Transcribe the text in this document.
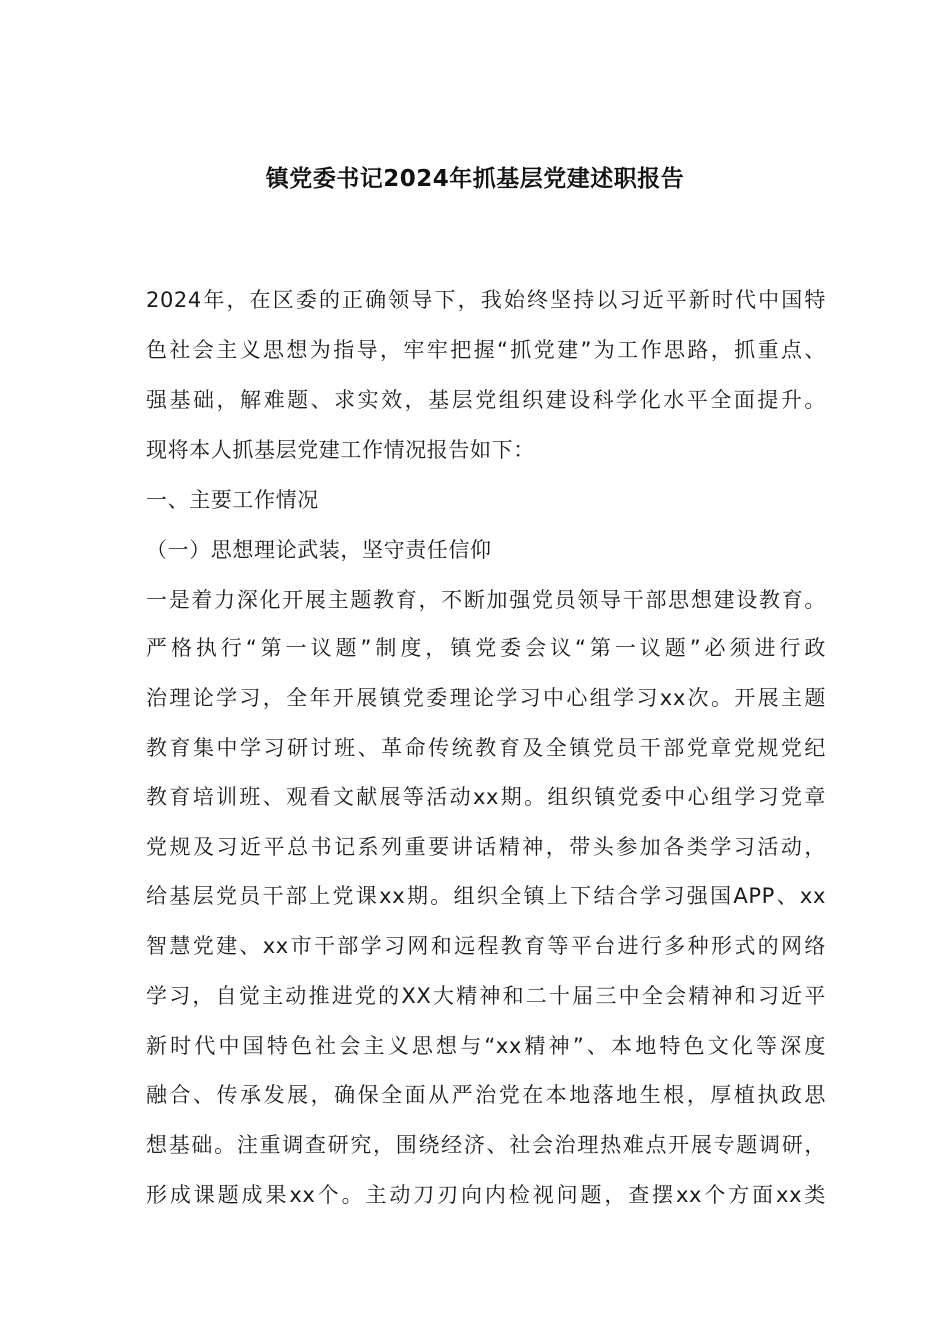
镇党委书记2024年抓基层党建述职报告
2024年，在区委的正确领导下，我始终坚持以习近平新时代中国特
色社会主义思想为指导，牢牢把握“抓党建”为工作思路，抓重点、
强基础，解难题、求实效，基层党组织建设科学化水平全面提升。
现将本人抓基层党建工作情况报告如下：
一、主要工作情况
（一）思想理论武装，坚守责任信仰
一是着力深化开展主题教育，不断加强党员领导干部思想建设教育。
严格执行“第一议题”制度，镇党委会议“第一议题”必须进行政
治理论学习，全年开展镇党委理论学习中心组学习xx次。开展主题
教育集中学习研讨班、革命传统教育及全镇党员干部党章党规党纪
教育培训班、观看文献展等活动xx期。组织镇党委中心组学习党章
党规及习近平总书记系列重要讲话精神，带头参加各类学习活动，
给基层党员干部上党课xx期。组织全镇上下结合学习强国APP、xx
智慧党建、xx市干部学习网和远程教育等平台进行多种形式的网络
学习，自觉主动推进党的XX大精神和二十届三中全会精神和习近平
新时代中国特色社会主义思想与“xx精神”、本地特色文化等深度
融合、传承发展，确保全面从严治党在本地落地生根，厚植执政思
想基础。注重调查研究，围绕经济、社会治理热难点开展专题调研，
形成课题成果xx个。主动刀刃向内检视问题，查摆xx个方面xx类
